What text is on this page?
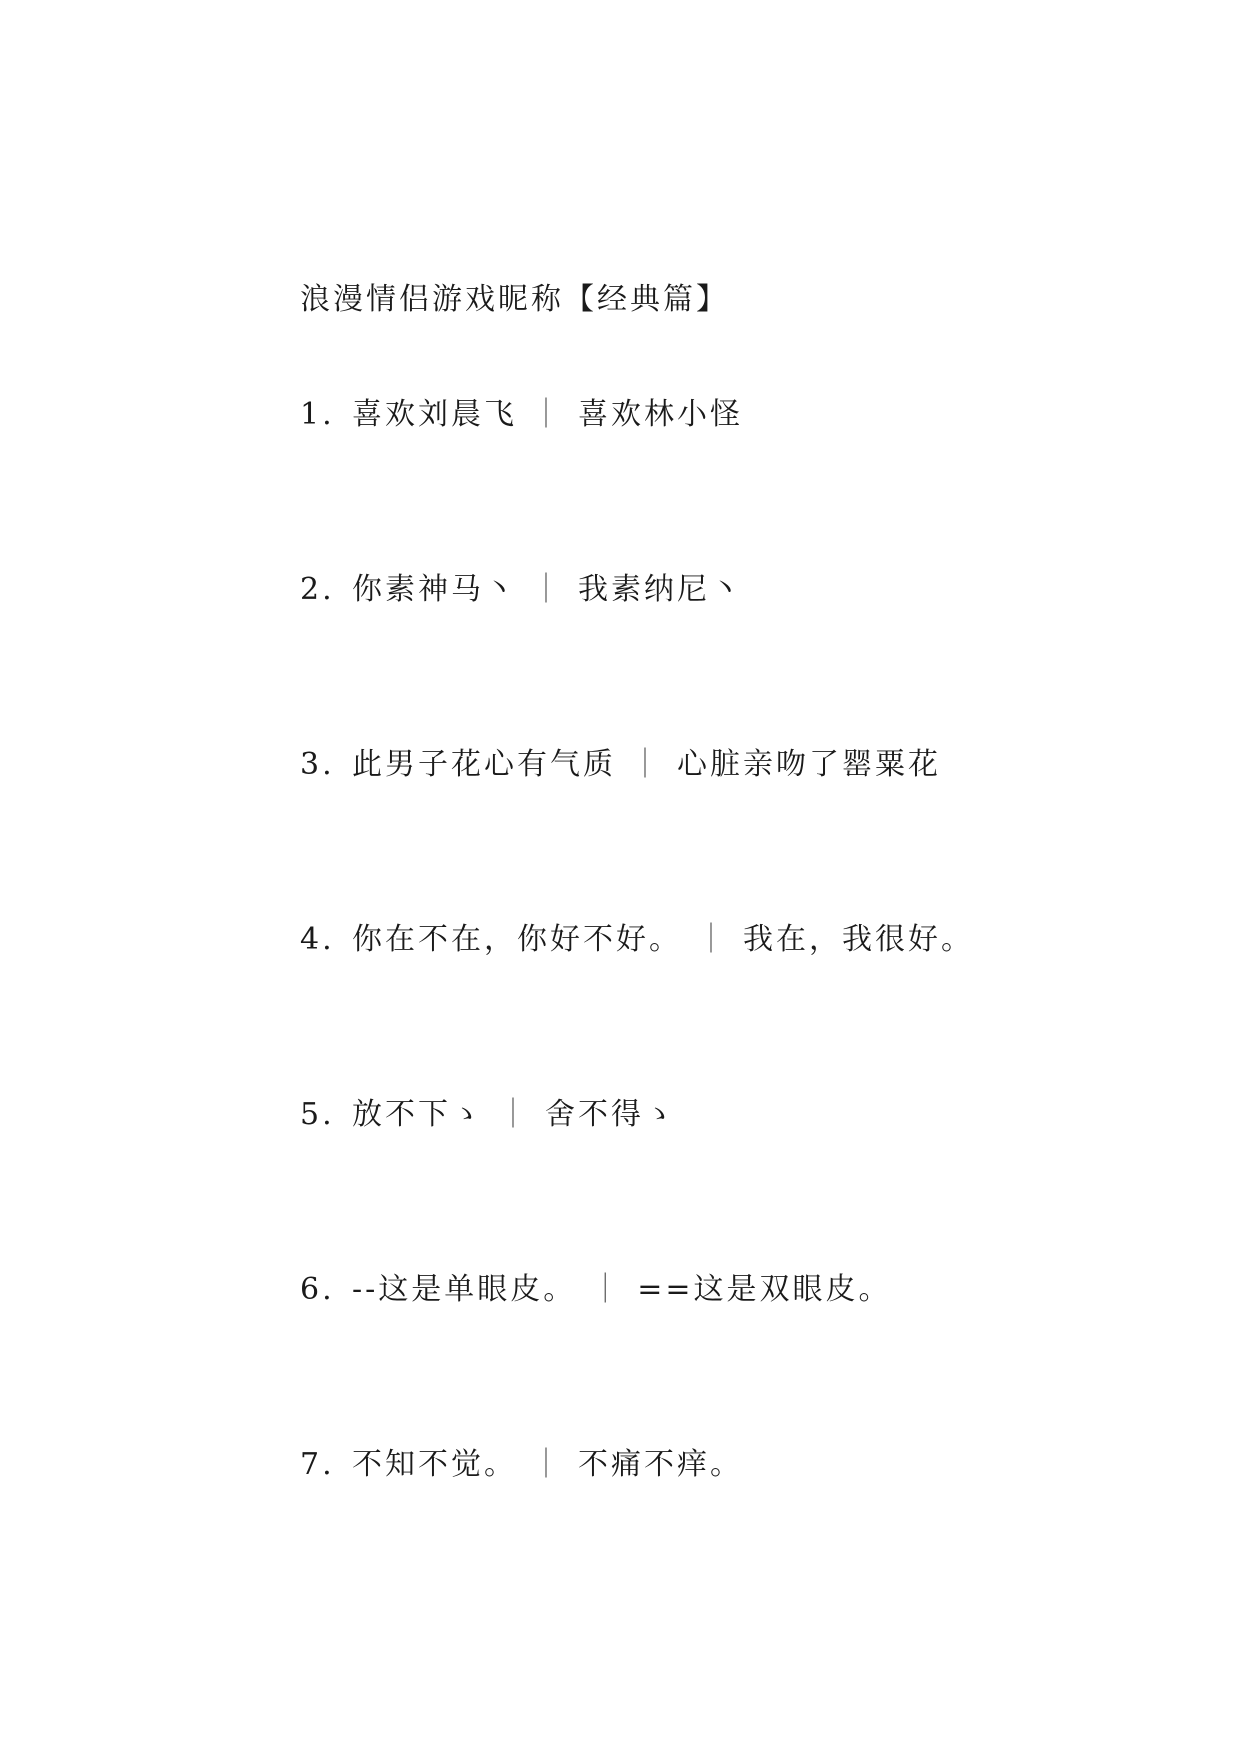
浪漫情侣游戏昵称【经典篇】
1. 喜欢刘晨飞 ｜ 喜欢林小怪
2. 你素神马丶 ｜ 我素纳尼丶
3. 此男子花心有气质 ｜ 心脏亲吻了罂粟花
4. 你在不在，你好不好。 ｜ 我在，我很好。
5. 放不下ゝ ｜ 舍不得ゝ
6. --这是单眼皮。 ｜ ==这是双眼皮。
7. 不知不觉。 ｜ 不痛不痒。
